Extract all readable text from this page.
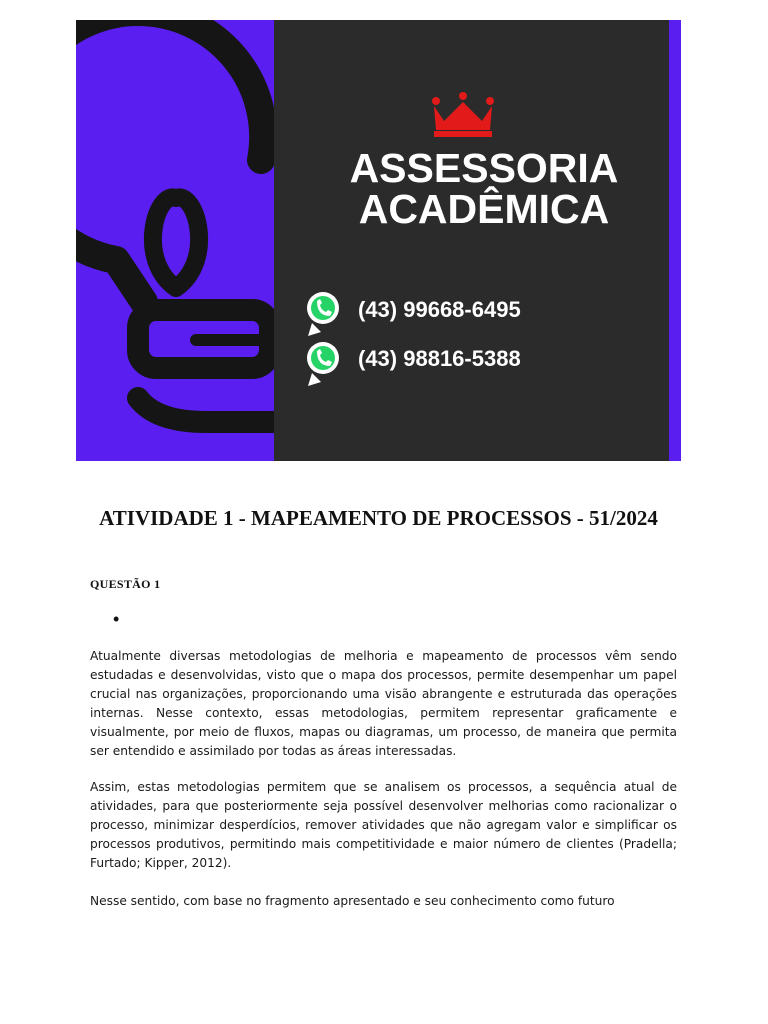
ASSESSORIA
ACADÊMICA
(43) 99668-6495
(43) 98816-5388
ATIVIDADE 1 - MAPEAMENTO DE PROCESSOS - 51/2024
QUESTÃO 1
•

Atualmente diversas metodologias de melhoria e mapeamento de processos vêm sendo estudadas e desenvolvidas, visto que o mapa dos processos, permite desempenhar um papel crucial nas organizações, proporcionando uma visão abrangente e estruturada das operações internas. Nesse contexto, essas metodologias, permitem representar graficamente e visualmente, por meio de fluxos, mapas ou diagramas, um processo, de maneira que permita ser entendido e assimilado por todas as áreas interessadas.

Assim, estas metodologias permitem que se analisem os processos, a sequência atual de atividades, para que posteriormente seja possível desenvolver melhorias como racionalizar o processo, minimizar desperdícios, remover atividades que não agregam valor e simplificar os processos produtivos, permitindo mais competitividade e maior número de clientes (Pradella; Furtado; Kipper, 2012).

Nesse sentido, com base no fragmento apresentado e seu conhecimento como futuro
